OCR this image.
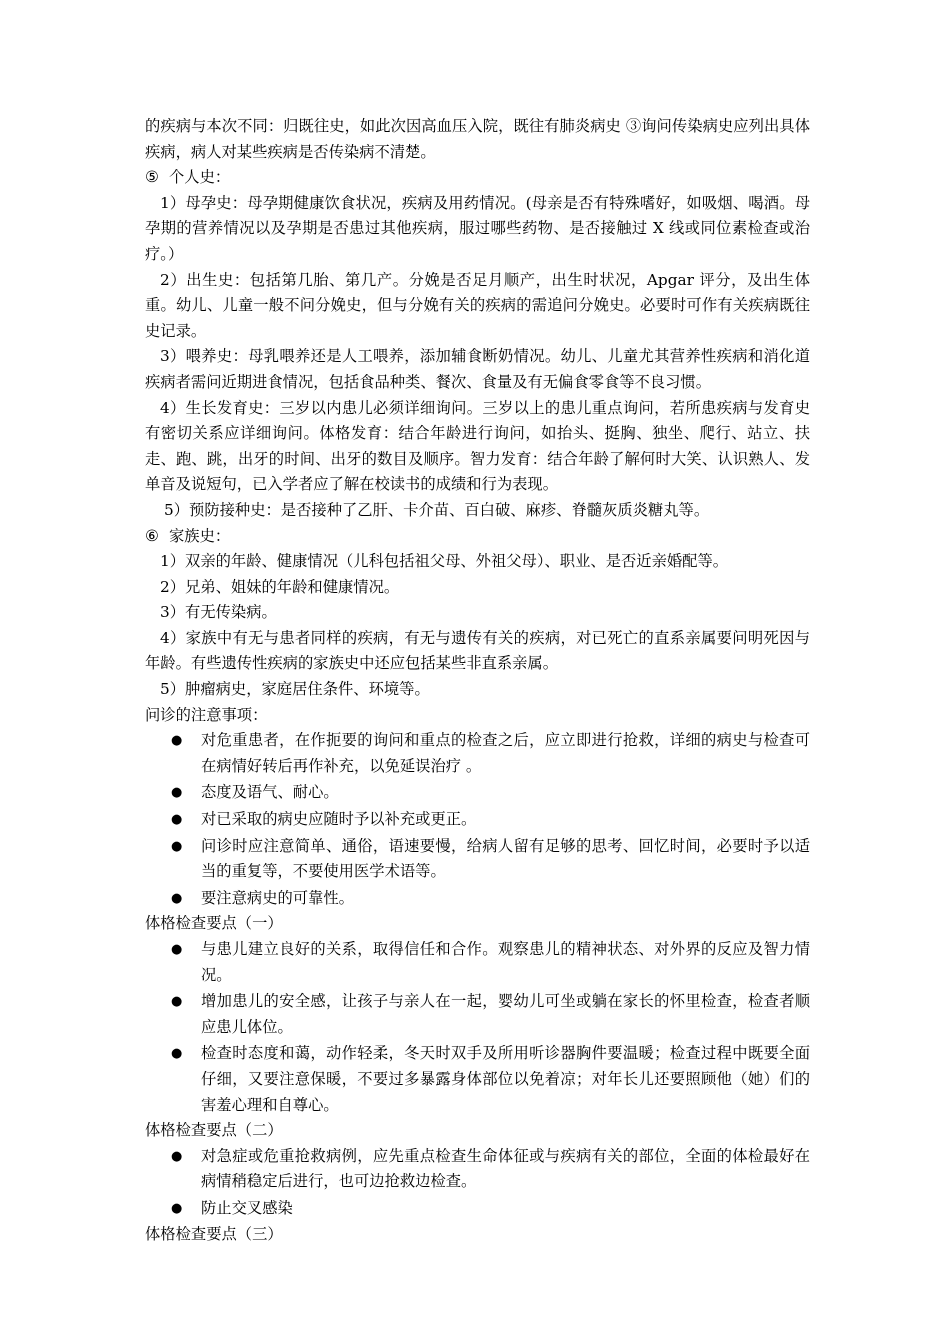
的疾病与本次不同：归既往史，如此次因高血压入院，既往有肺炎病史 ③询问传染病史应列出具体疾病，病人对某些疾病是否传染病不清楚。

⑤ 个人史：

1）母孕史：母孕期健康饮食状况，疾病及用药情况。(母亲是否有特殊嗜好，如吸烟、喝酒。母孕期的营养情况以及孕期是否患过其他疾病，服过哪些药物、是否接触过 X 线或同位素检查或治疗。）

2）出生史：包括第几胎、第几产。分娩是否足月顺产，出生时状况，Apgar 评分，及出生体重。幼儿、儿童一般不问分娩史，但与分娩有关的疾病的需追问分娩史。必要时可作有关疾病既往史记录。

3）喂养史：母乳喂养还是人工喂养，添加辅食断奶情况。幼儿、儿童尤其营养性疾病和消化道疾病者需问近期进食情况，包括食品种类、餐次、食量及有无偏食零食等不良习惯。

4）生长发育史：三岁以内患儿必须详细询问。三岁以上的患儿重点询问，若所患疾病与发育史有密切关系应详细询问。体格发育：结合年龄进行询问，如抬头、挺胸、独坐、爬行、站立、扶走、跑、跳，出牙的时间、出牙的数目及顺序。智力发育：结合年龄了解何时大笑、认识熟人、发单音及说短句，已入学者应了解在校读书的成绩和行为表现。

5）预防接种史：是否接种了乙肝、卡介苗、百白破、麻疹、脊髓灰质炎糖丸等。

⑥ 家族史：

1）双亲的年龄、健康情况（儿科包括祖父母、外祖父母）、职业、是否近亲婚配等。

2）兄弟、姐妹的年龄和健康情况。

3）有无传染病。

4）家族中有无与患者同样的疾病，有无与遗传有关的疾病，对已死亡的直系亲属要问明死因与年龄。有些遗传性疾病的家族史中还应包括某些非直系亲属。

5）肿瘤病史，家庭居住条件、环境等。

问诊的注意事项：

● 对危重患者，在作扼要的询问和重点的检查之后，应立即进行抢救，详细的病史与检查可在病情好转后再作补充，以免延误治疗 。
● 态度及语气、耐心。
● 对已采取的病史应随时予以补充或更正。
● 问诊时应注意简单、通俗，语速要慢，给病人留有足够的思考、回忆时间，必要时予以适当的重复等，不要使用医学术语等。
● 要注意病史的可靠性。

体格检查要点（一）

● 与患儿建立良好的关系，取得信任和合作。观察患儿的精神状态、对外界的反应及智力情况。
● 增加患儿的安全感，让孩子与亲人在一起，婴幼儿可坐或躺在家长的怀里检查，检查者顺应患儿体位。
● 检查时态度和蔼，动作轻柔，冬天时双手及所用听诊器胸件要温暖；检查过程中既要全面仔细，又要注意保暖，不要过多暴露身体部位以免着凉；对年长儿还要照顾他（她）们的害羞心理和自尊心。

体格检查要点（二）

● 对急症或危重抢救病例，应先重点检查生命体征或与疾病有关的部位，全面的体检最好在病情稍稳定后进行，也可边抢救边检查。
● 防止交叉感染

体格检查要点（三）
